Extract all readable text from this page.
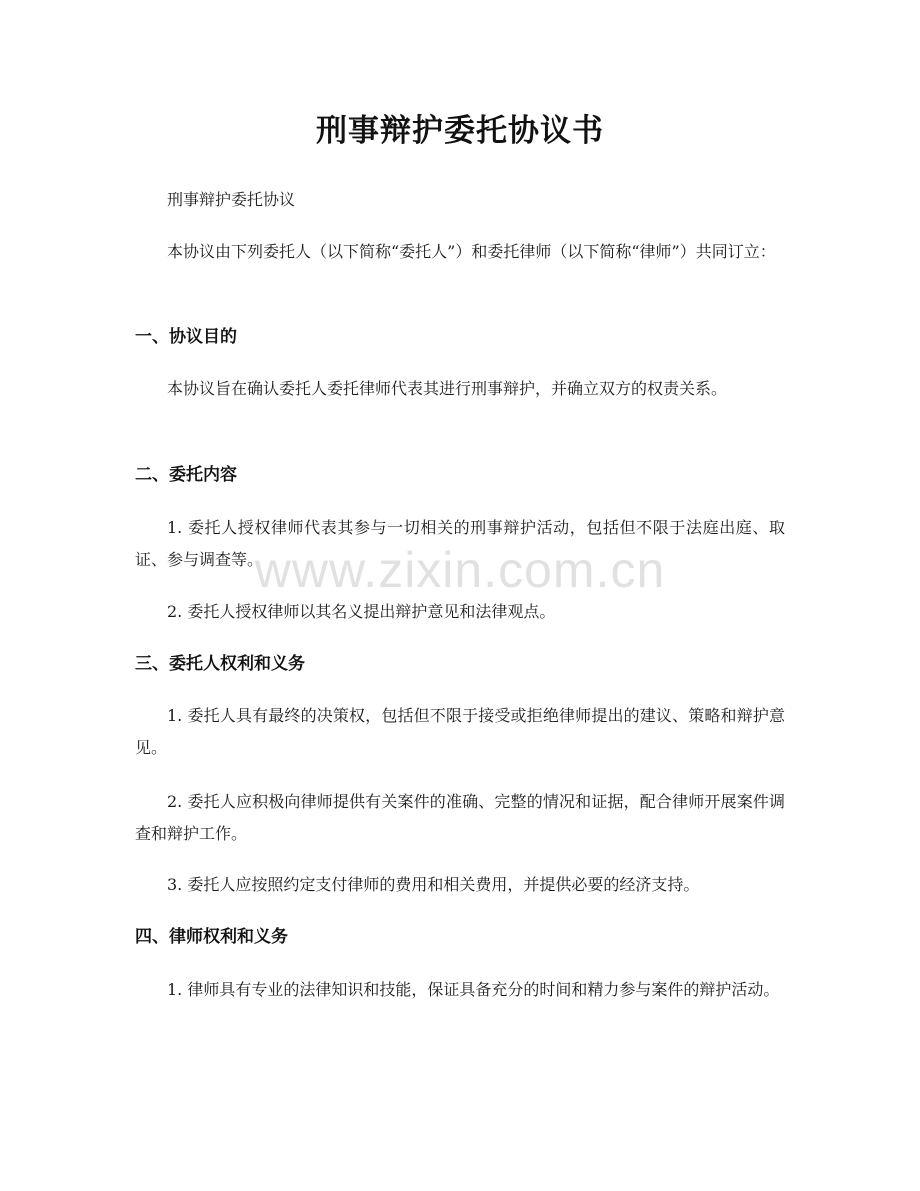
刑事辩护委托协议书

刑事辩护委托协议

本协议由下列委托人（以下简称“委托人”）和委托律师（以下简称“律师”）共同订立：

一、协议目的

本协议旨在确认委托人委托律师代表其进行刑事辩护，并确立双方的权责关系。

二、委托内容

1. 委托人授权律师代表其参与一切相关的刑事辩护活动，包括但不限于法庭出庭、取证、参与调查等。

2. 委托人授权律师以其名义提出辩护意见和法律观点。

三、委托人权利和义务

1. 委托人具有最终的决策权，包括但不限于接受或拒绝律师提出的建议、策略和辩护意见。

2. 委托人应积极向律师提供有关案件的准确、完整的情况和证据，配合律师开展案件调查和辩护工作。

3. 委托人应按照约定支付律师的费用和相关费用，并提供必要的经济支持。

四、律师权利和义务

1. 律师具有专业的法律知识和技能，保证具备充分的时间和精力参与案件的辩护活动。

www.zixin.com.cn
